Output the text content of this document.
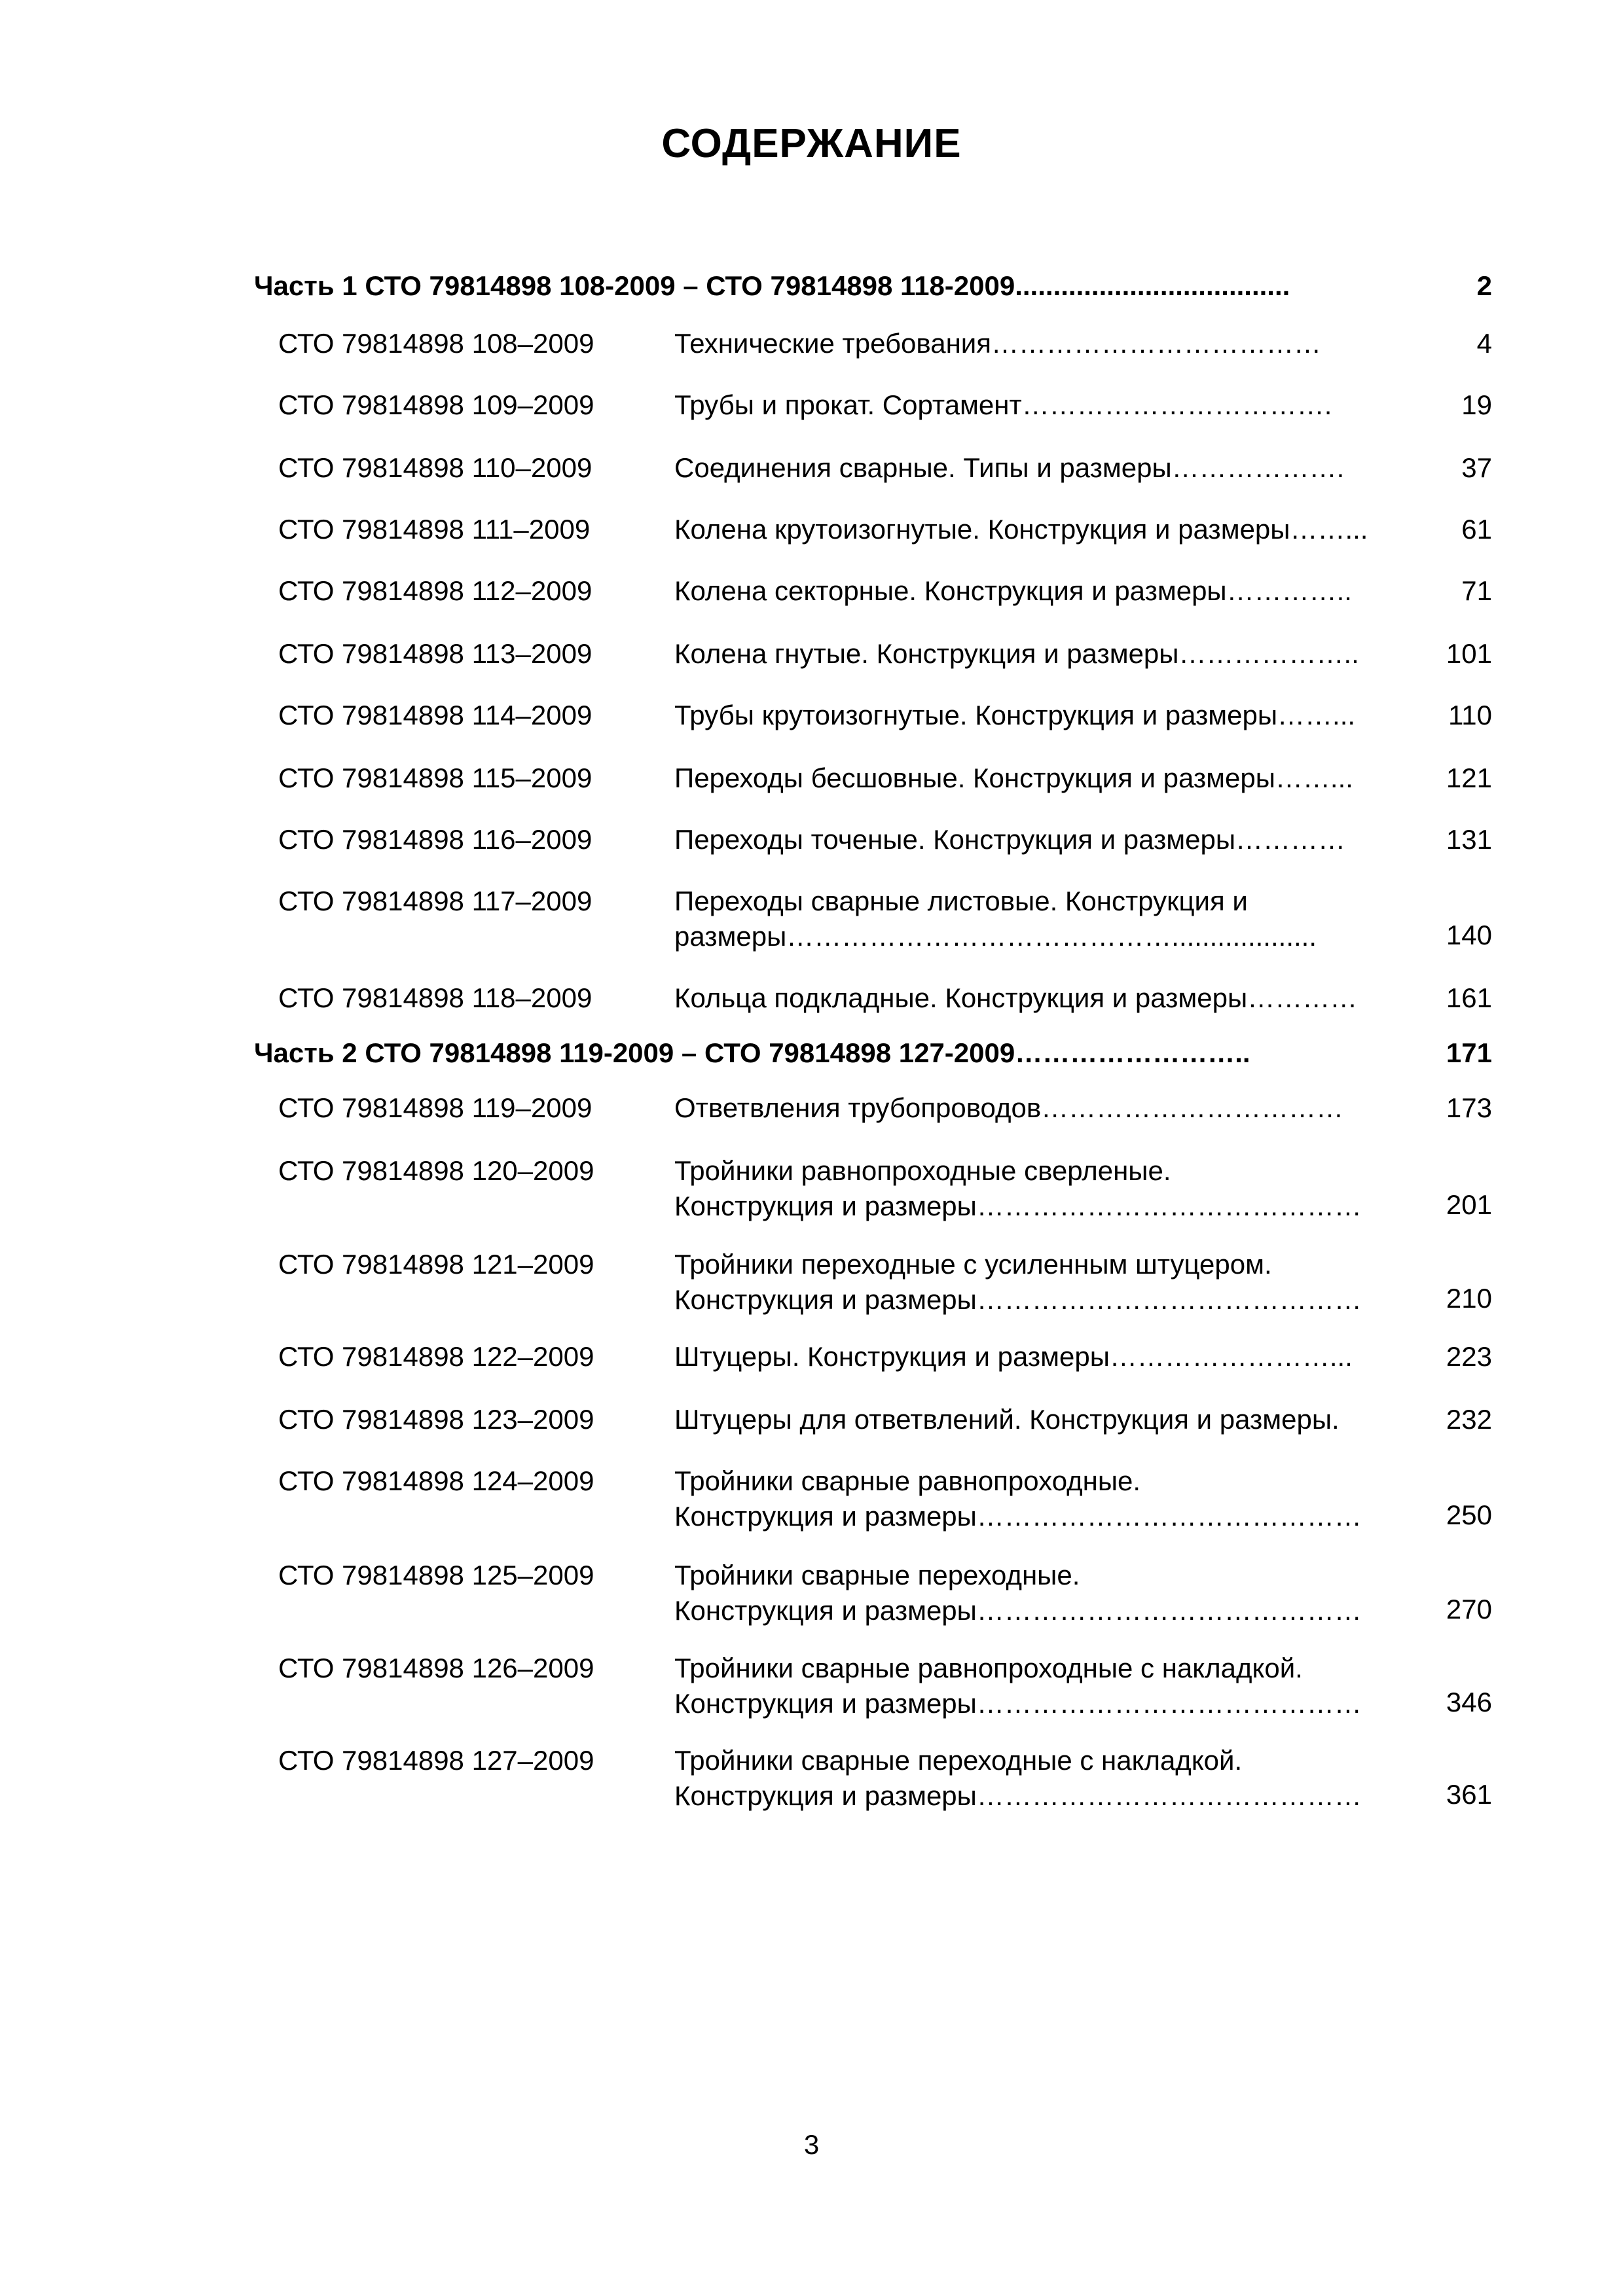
СОДЕРЖАНИЕ
Часть 1 СТО 79814898 108-2009 – СТО 79814898 118-2009....................................	2
СТО 79814898 108–2009	Технические требования………………………………	4
СТО 79814898 109–2009	Трубы и прокат. Сортамент…………………………….	19
СТО 79814898 110–2009	Соединения сварные. Типы и размеры……………….	37
СТО 79814898 111–2009	Колена крутоизогнутые. Конструкция и размеры……...	61
СТО 79814898 112–2009	Колена секторные. Конструкция и размеры…………..	71
СТО 79814898 113–2009	Колена гнутые. Конструкция и размеры………………..	101
СТО 79814898 114–2009	Трубы крутоизогнутые. Конструкция и размеры……...	110
СТО 79814898 115–2009	Переходы бесшовные. Конструкция и размеры……...	121
СТО 79814898 116–2009	Переходы точеные. Конструкция и размеры…………	131
СТО 79814898 117–2009	Переходы сварные листовые. Конструкция и
размеры……………………………………...................	140
СТО 79814898 118–2009	Кольца подкладные. Конструкция и размеры…………	161
Часть 2 СТО 79814898 119-2009 – СТО 79814898 127-2009……………………..	171
СТО 79814898 119–2009	Ответвления трубопроводов……………………………	173
СТО 79814898 120–2009	Тройники равнопроходные сверленые.
Конструкция и размеры……………………………………	201
СТО 79814898 121–2009	Тройники переходные с усиленным штуцером.
Конструкция и размеры……………………………………	210
СТО 79814898 122–2009	Штуцеры. Конструкция и размеры……………………...	223
СТО 79814898 123–2009	Штуцеры для ответвлений. Конструкция и размеры.	232
СТО 79814898 124–2009	Тройники сварные равнопроходные.
Конструкция и размеры……………………………………	250
СТО 79814898 125–2009	Тройники сварные переходные.
Конструкция и размеры……………………………………	270
СТО 79814898 126–2009	Тройники сварные равнопроходные с накладкой.
Конструкция и размеры……………………………………	346
СТО 79814898 127–2009	Тройники сварные переходные с накладкой.
Конструкция и размеры……………………………………	361
3
